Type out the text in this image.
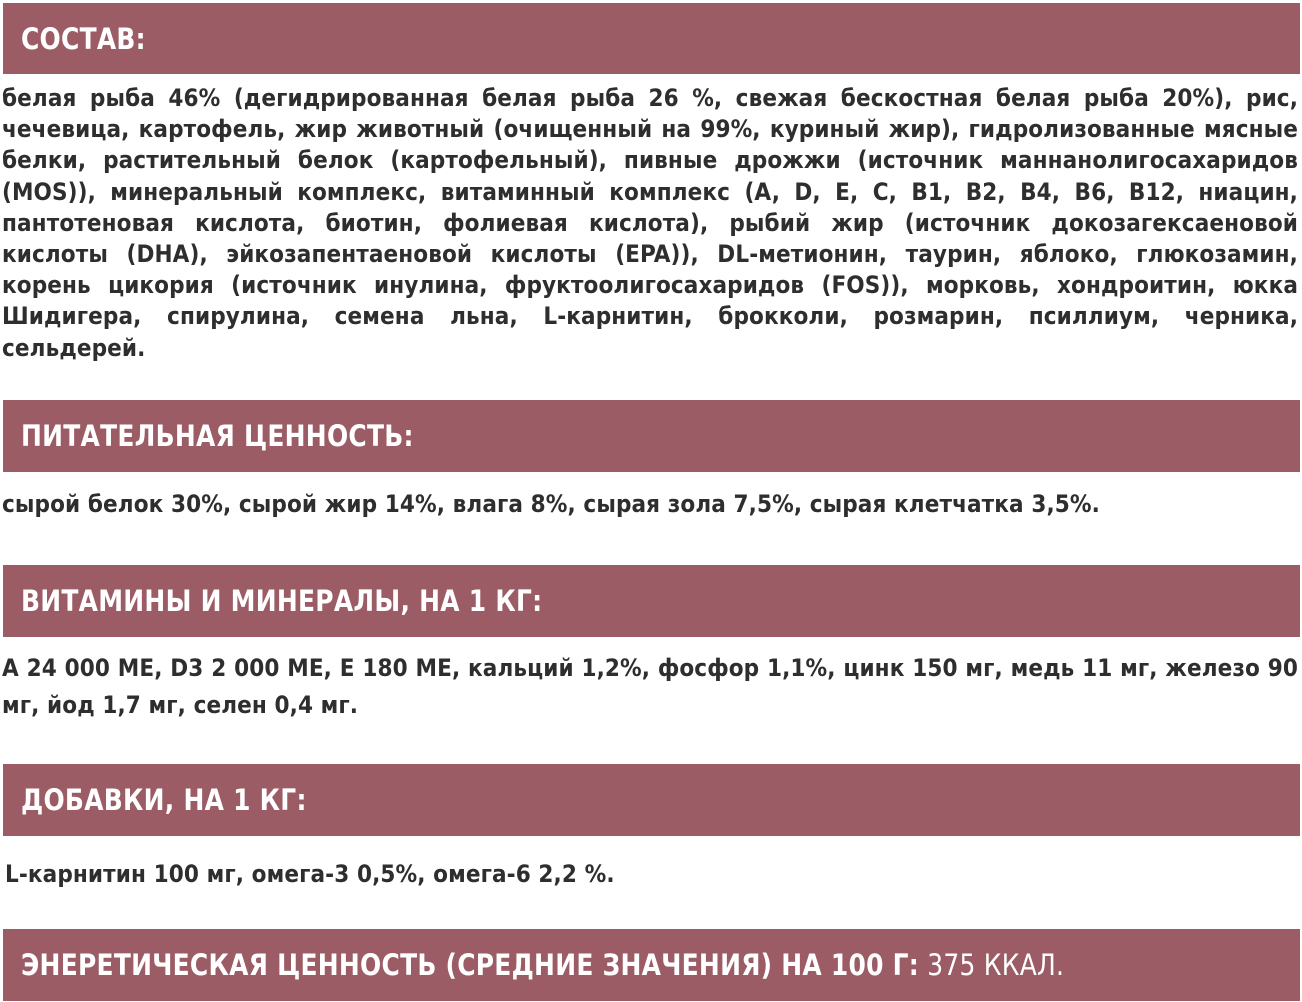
СОСТАВ:
белая рыба 46% (дегидрированная белая рыба 26 %, свежая бескостная белая рыба 20%), рис, чечевица, картофель, жир животный (очищенный на 99%, куриный жир), гидролизованные мясные белки, растительный белок (картофельный), пивные дрожжи (источник маннанолигосахаридов (MOS)), минеральный комплекс, витаминный комплекс (A, D, E, C, B1, B2, B4, B6, B12, ниацин, пантотеновая кислота, биотин, фолиевая кислота), рыбий жир (источник докозагексаеновой кислоты (DHA), эйкозапентаеновой кислоты (EPA)), DL-метионин, таурин, яблоко, глюкозамин, корень цикория (источник инулина, фруктоолигосахаридов (FOS)), морковь, хондроитин, юкка Шидигера, спирулина, семена льна, L-карнитин, брокколи, розмарин, псиллиум, черника, сельдерей.
ПИТАТЕЛЬНАЯ ЦЕННОСТЬ:
сырой белок 30%, сырой жир 14%, влага 8%, сырая зола 7,5%, сырая клетчатка 3,5%.
ВИТАМИНЫ И МИНЕРАЛЫ, НА 1 КГ:
А 24 000 МЕ, D3 2 000 МЕ, Е 180 МЕ, кальций 1,2%, фосфор 1,1%, цинк 150 мг, медь 11 мг, железо 90 мг, йод 1,7 мг, селен 0,4 мг.
ДОБАВКИ, НА 1 КГ:
L-карнитин 100 мг, омега-3 0,5%, омега-6 2,2 %.
ЭНЕРЕТИЧЕСКАЯ ЦЕННОСТЬ (СРЕДНИЕ ЗНАЧЕНИЯ) НА 100 Г: 375 ККАЛ.
